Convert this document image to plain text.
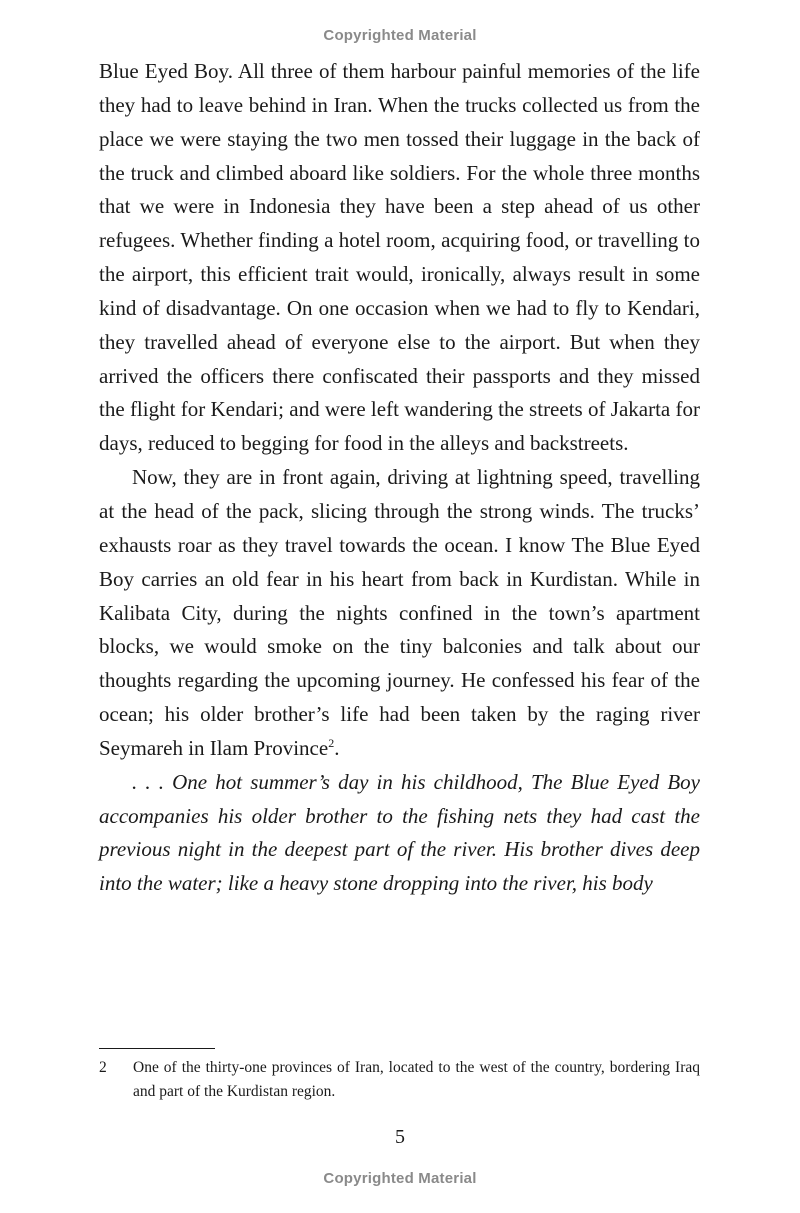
Copyrighted Material

Blue Eyed Boy. All three of them harbour painful memories of the life they had to leave behind in Iran. When the trucks collected us from the place we were staying the two men tossed their luggage in the back of the truck and climbed aboard like soldiers. For the whole three months that we were in Indonesia they have been a step ahead of us other refugees. Whether finding a hotel room, acquiring food, or travelling to the airport, this efficient trait would, ironically, always result in some kind of disadvantage. On one occasion when we had to fly to Kendari, they travelled ahead of everyone else to the airport. But when they arrived the officers there confiscated their passports and they missed the flight for Kendari; and were left wandering the streets of Jakarta for days, reduced to begging for food in the alleys and backstreets.

Now, they are in front again, driving at lightning speed, travelling at the head of the pack, slicing through the strong winds. The trucks’ exhausts roar as they travel towards the ocean. I know The Blue Eyed Boy carries an old fear in his heart from back in Kurdistan. While in Kalibata City, during the nights confined in the town’s apartment blocks, we would smoke on the tiny balconies and talk about our thoughts regarding the upcoming journey. He confessed his fear of the ocean; his older brother’s life had been taken by the raging river Seymareh in Ilam Province$^2$.

. . . One hot summer’s day in his childhood, The Blue Eyed Boy accompanies his older brother to the fishing nets they had cast the previous night in the deepest part of the river. His brother dives deep into the water; like a heavy stone dropping into the river, his body

2	One of the thirty-one provinces of Iran, located to the west of the country, bordering Iraq and part of the Kurdistan region.
5
Copyrighted Material
